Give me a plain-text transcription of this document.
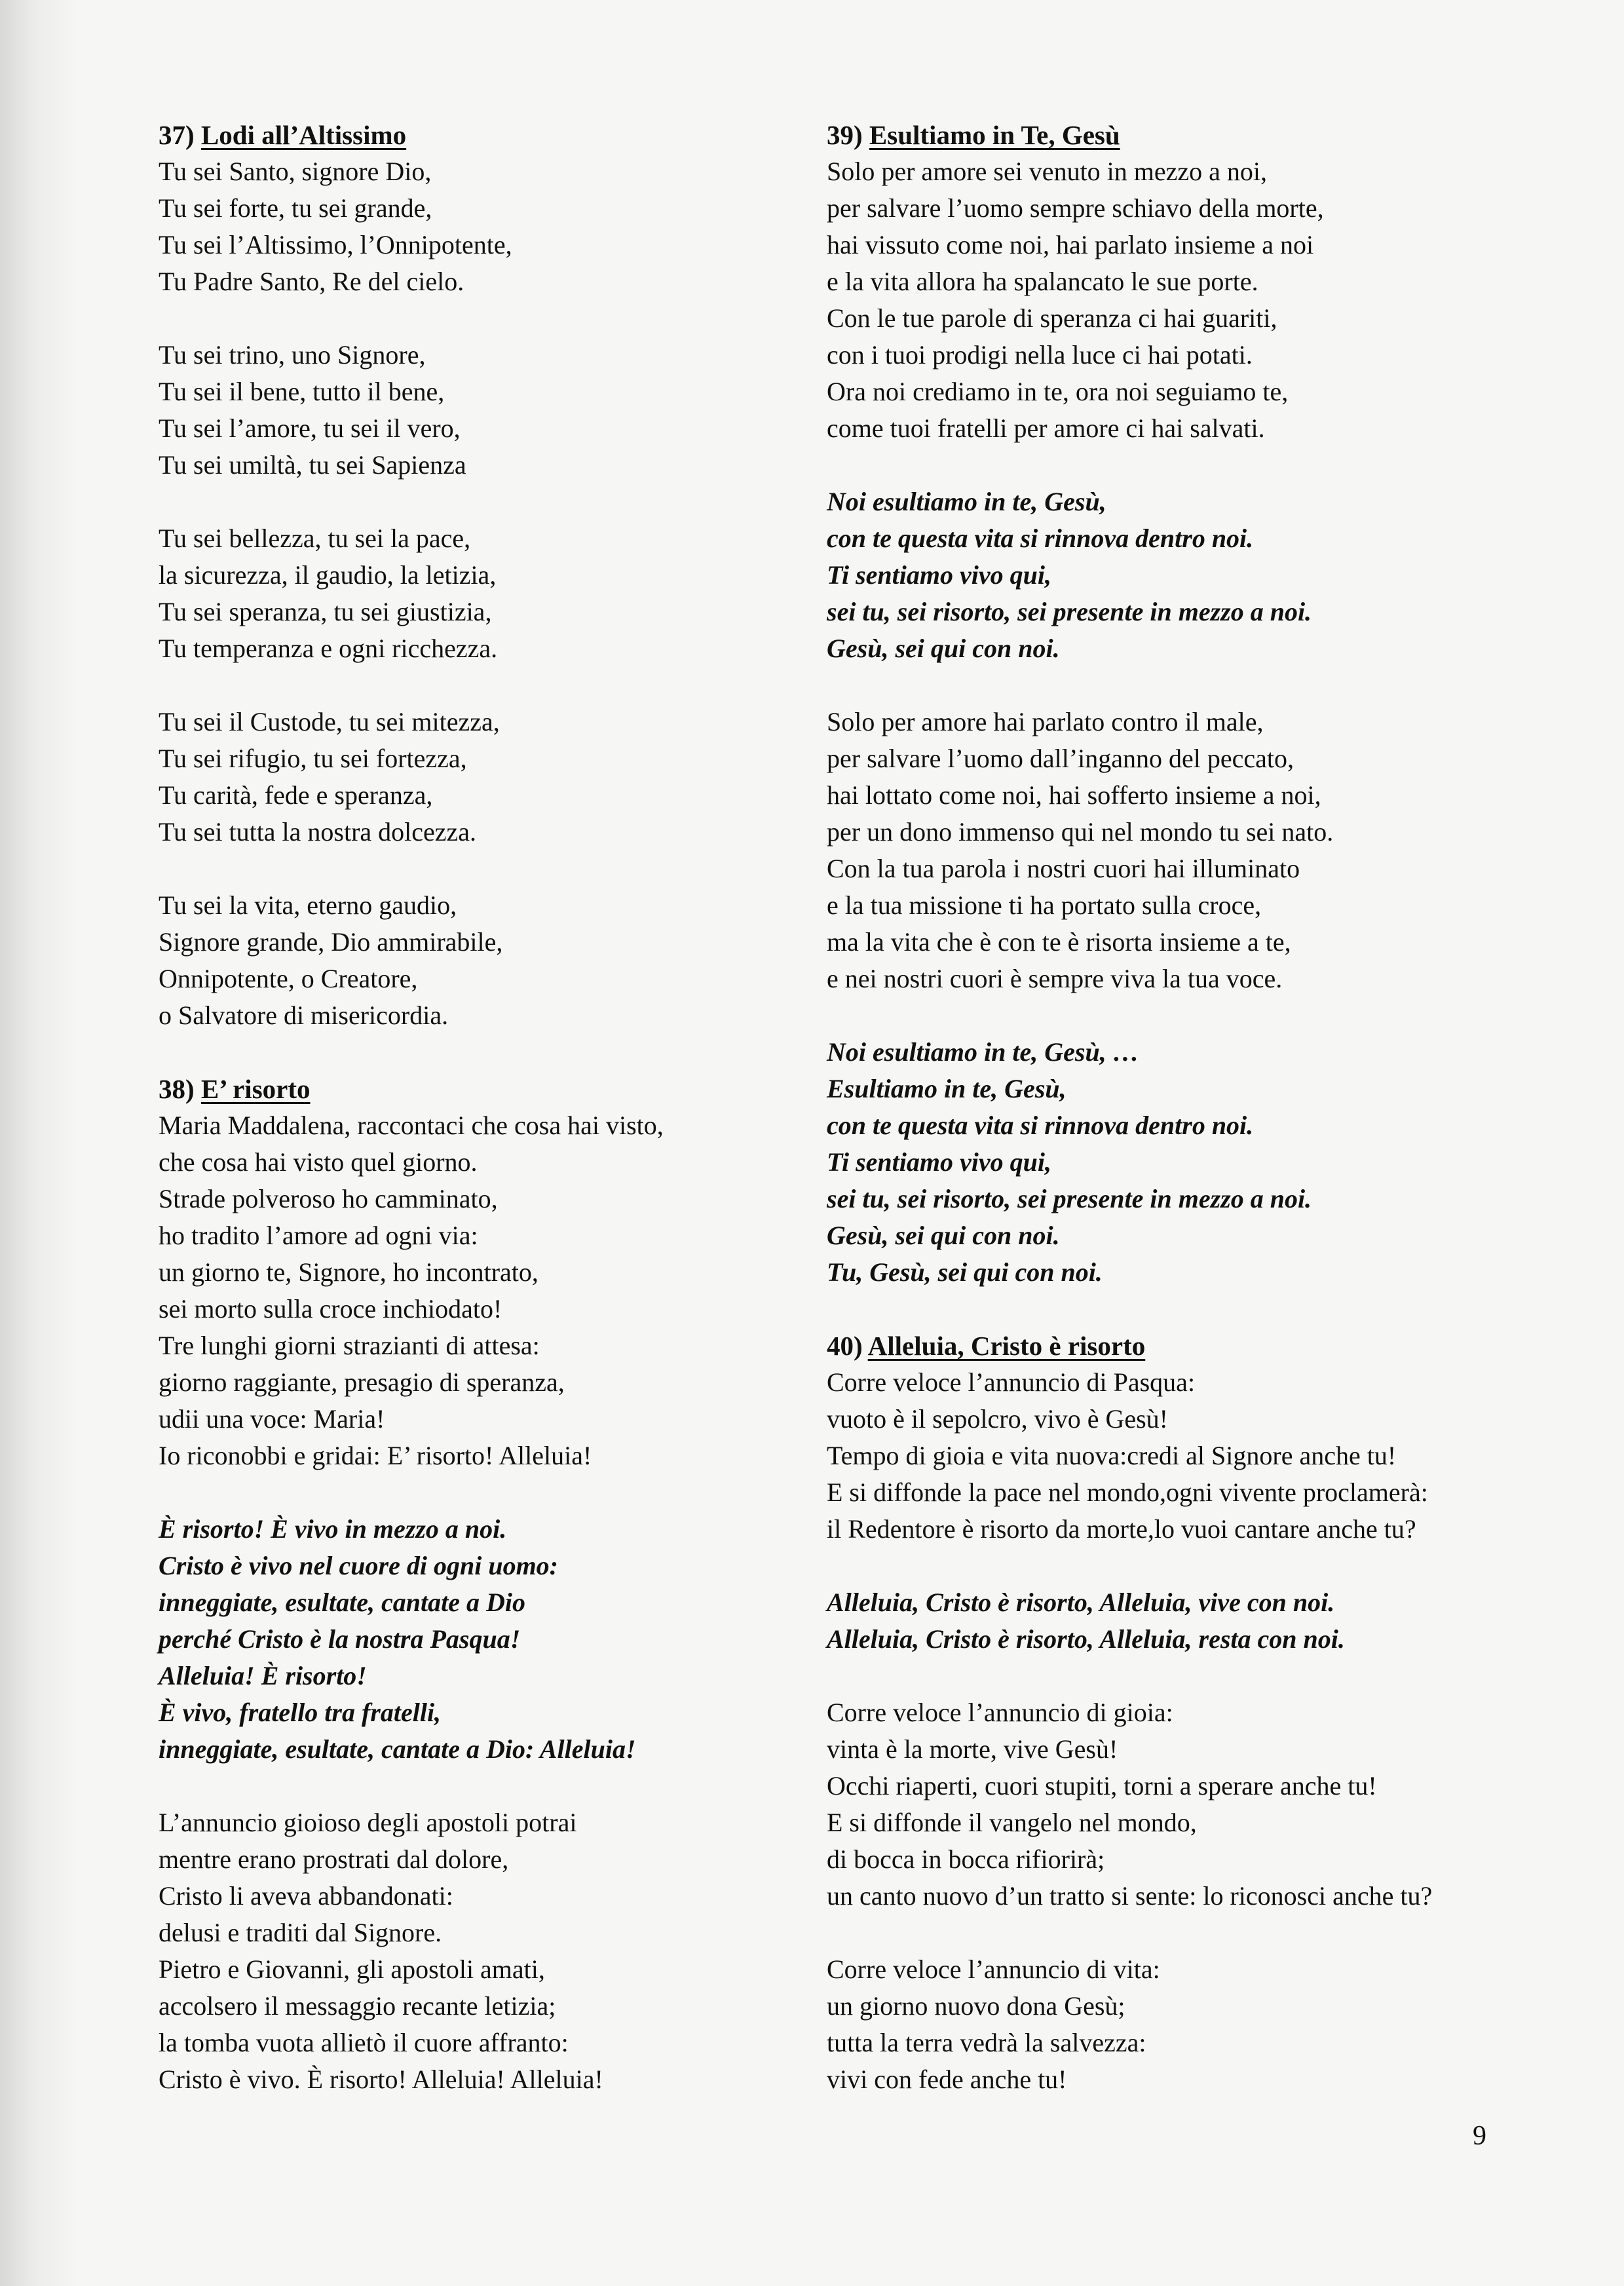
37) Lodi all’Altissimo
Tu sei Santo, signore Dio,
Tu sei forte, tu sei grande,
Tu sei l’Altissimo, l’Onnipotente,
Tu Padre Santo, Re del cielo.
Tu sei trino, uno Signore,
Tu sei il bene, tutto il bene,
Tu sei l’amore, tu sei il vero,
Tu sei umiltà, tu sei Sapienza
Tu sei bellezza, tu sei la pace,
la sicurezza, il gaudio, la letizia,
Tu sei speranza, tu sei giustizia,
Tu temperanza e ogni ricchezza.
Tu sei il Custode, tu sei mitezza,
Tu sei rifugio, tu sei fortezza,
Tu carità, fede e speranza,
Tu sei tutta la nostra dolcezza.
Tu sei la vita, eterno gaudio,
Signore grande, Dio ammirabile,
Onnipotente, o Creatore,
o Salvatore di misericordia.
38) E’ risorto
Maria Maddalena, raccontaci che cosa hai visto,
che cosa hai visto quel giorno.
Strade polveroso ho camminato,
ho tradito l’amore ad ogni via:
un giorno te, Signore, ho incontrato,
sei morto sulla croce inchiodato!
Tre lunghi giorni strazianti di attesa:
giorno raggiante, presagio di speranza,
udii una voce: Maria!
Io riconobbi e gridai: E’ risorto! Alleluia!
È risorto! È vivo in mezzo a noi.
Cristo è vivo nel cuore di ogni uomo:
inneggiate, esultate, cantate a Dio
perché Cristo è la nostra Pasqua!
Alleluia! È risorto!
È vivo, fratello tra fratelli,
inneggiate, esultate, cantate a Dio: Alleluia!
L’annuncio gioioso degli apostoli potrai
mentre erano prostrati dal dolore,
Cristo li aveva abbandonati:
delusi e traditi dal Signore.
Pietro e Giovanni, gli apostoli amati,
accolsero il messaggio recante letizia;
la tomba vuota allietò il cuore affranto:
Cristo è vivo. È risorto! Alleluia! Alleluia!
39) Esultiamo in Te, Gesù
Solo per amore sei venuto in mezzo a noi,
per salvare l’uomo sempre schiavo della morte,
hai vissuto come noi, hai parlato insieme a noi
e la vita allora ha spalancato le sue porte.
Con le tue parole di speranza ci hai guariti,
con i tuoi prodigi nella luce ci hai potati.
Ora noi crediamo in te, ora noi seguiamo te,
come tuoi fratelli per amore ci hai salvati.
Noi esultiamo in te, Gesù,
con te questa vita si rinnova dentro noi.
Ti sentiamo vivo qui,
sei tu, sei risorto, sei presente in mezzo a noi.
Gesù, sei qui con noi.
Solo per amore hai parlato contro il male,
per salvare l’uomo dall’inganno del peccato,
hai lottato come noi, hai sofferto insieme a noi,
per un dono immenso qui nel mondo tu sei nato.
Con la tua parola i nostri cuori hai illuminato
e la tua missione ti ha portato sulla croce,
ma la vita che è con te è risorta insieme a te,
e nei nostri cuori è sempre viva la tua voce.
Noi esultiamo in te, Gesù, …
Esultiamo in te, Gesù,
con te questa vita si rinnova dentro noi.
Ti sentiamo vivo qui,
sei tu, sei risorto, sei presente in mezzo a noi.
Gesù, sei qui con noi.
Tu, Gesù, sei qui con noi.
40) Alleluia, Cristo è risorto
Corre veloce l’annuncio di Pasqua:
vuoto è il sepolcro, vivo è Gesù!
Tempo di gioia e vita nuova:credi al Signore anche tu!
E si diffonde la pace nel mondo,ogni vivente proclamerà:
il Redentore è risorto da morte,lo vuoi cantare anche tu?
Alleluia, Cristo è risorto, Alleluia, vive con noi.
Alleluia, Cristo è risorto, Alleluia, resta con noi.
Corre veloce l’annuncio di gioia:
vinta è la morte, vive Gesù!
Occhi riaperti, cuori stupiti, torni a sperare anche tu!
E si diffonde il vangelo nel mondo,
di bocca in bocca rifiorirà;
un canto nuovo d’un tratto si sente: lo riconosci anche tu?
Corre veloce l’annuncio di vita:
un giorno nuovo dona Gesù;
tutta la terra vedrà la salvezza:
vivi con fede anche tu!
9
